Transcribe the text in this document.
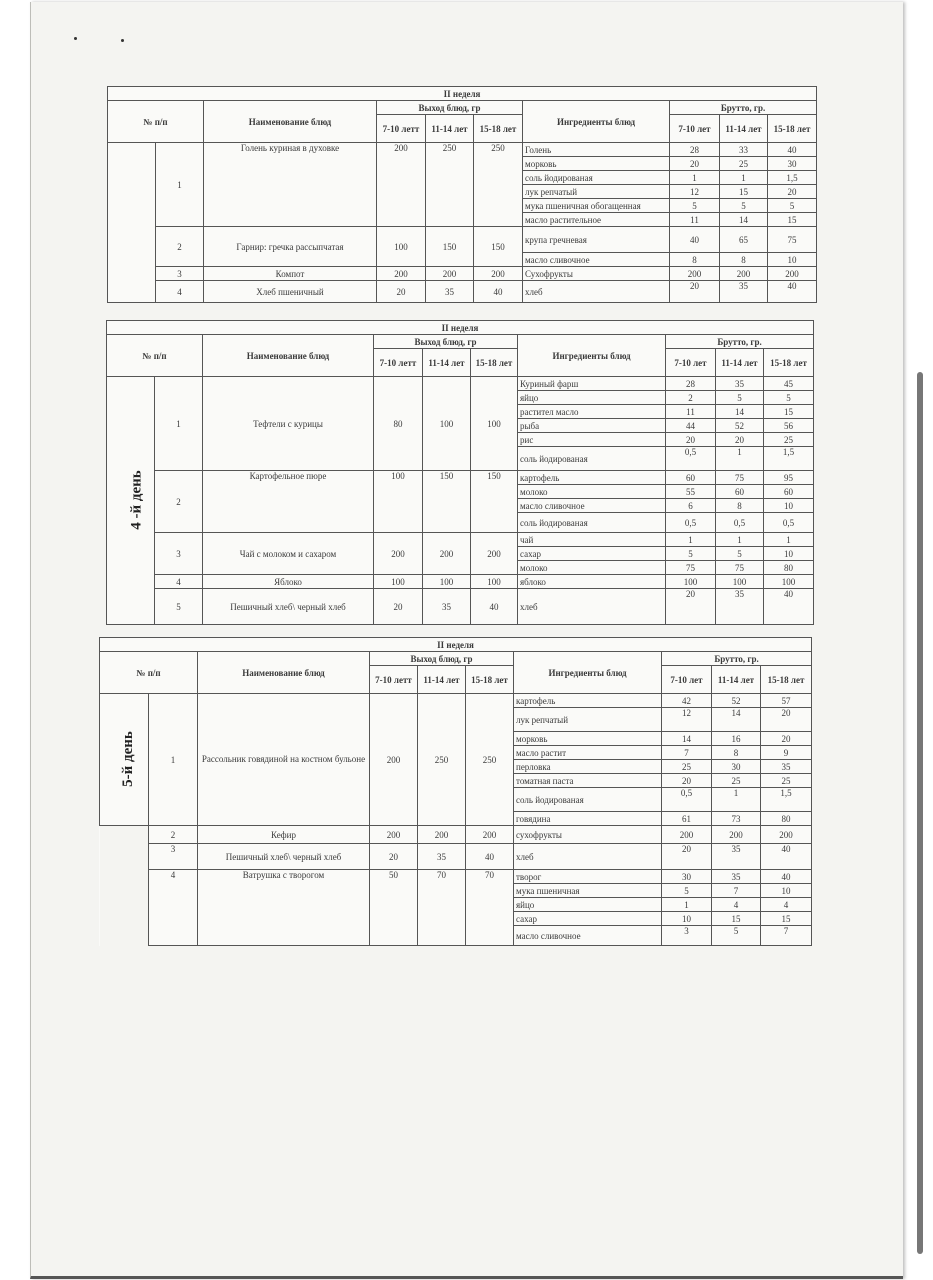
II неделя									
№ п/п		Наименование блюд	Выход блюд, гр			Ингредиенты блюд	Брутто, гр.		
			7-10 летт	11-14 лет	15-18 лет		7-10 лет	11-14 лет	15-18 лет
	1	Голень куриная в духовке	200	250	250	Голень	28	33	40
						морковь	20	25	30
						соль йодированая	1	1	1,5
						лук репчатый	12	15	20
						мука пшеничная обогащенная	5	5	5
						масло растительное	11	14	15
	2	Гарнир: гречка рассыпчатая	100	150	150	крупа гречневая	40	65	75
						масло сливочное	8	8	10
	3	Компот	200	200	200	Сухофрукты	200	200	200
	4	Хлеб пшеничный	20	35	40	хлеб	20	35	40
II неделя									
№ п/п		Наименование блюд	Выход блюд, гр			Ингредиенты блюд	Брутто, гр.		
			7-10 летт	11-14 лет	15-18 лет		7-10 лет	11-14 лет	15-18 лет
4 -й день	1	Тефтели с курицы	80	100	100	Куриный фарш	28	35	45
						яйцо	2	5	5
						растител масло	11	14	15
						рыба	44	52	56
						рис	20	20	25
						соль йодированая	0,5	1	1,5
	2	Картофельное пюре	100	150	150	картофель	60	75	95
						молоко	55	60	60
						масло сливочное	6	8	10
						соль йодированая	0,5	0,5	0,5
	3	Чай с молоком и сахаром	200	200	200	чай	1	1	1
						сахар	5	5	10
						молоко	75	75	80
	4	Яблоко	100	100	100	яблоко	100	100	100
	5	Пешичный хлеб\ черный хлеб	20	35	40	хлеб	20	35	40
II неделя									
№ п/п		Наименование блюд	Выход блюд, гр			Ингредиенты блюд	Брутто, гр.		
			7-10 летт	11-14 лет	15-18 лет		7-10 лет	11-14 лет	15-18 лет
5-й день	1	Рассольник говядиной на костном бульоне	200	250	250	картофель	42	52	57
						лук репчатый	12	14	20
						морковь	14	16	20
						масло растит	7	8	9
						перловка	25	30	35
						томатная паста	20	25	25
						соль йодированая	0,5	1	1,5
						говядина	61	73	80
	2	Кефир	200	200	200	сухофрукты	200	200	200
	3	Пешичный хлеб\ черный хлеб	20	35	40	хлеб	20	35	40
	4	Ватрушка с творогом	50	70	70	творог	30	35	40
						мука пшеничная	5	7	10
						яйцо	1	4	4
						сахар	10	15	15
						масло сливочное	3	5	7
